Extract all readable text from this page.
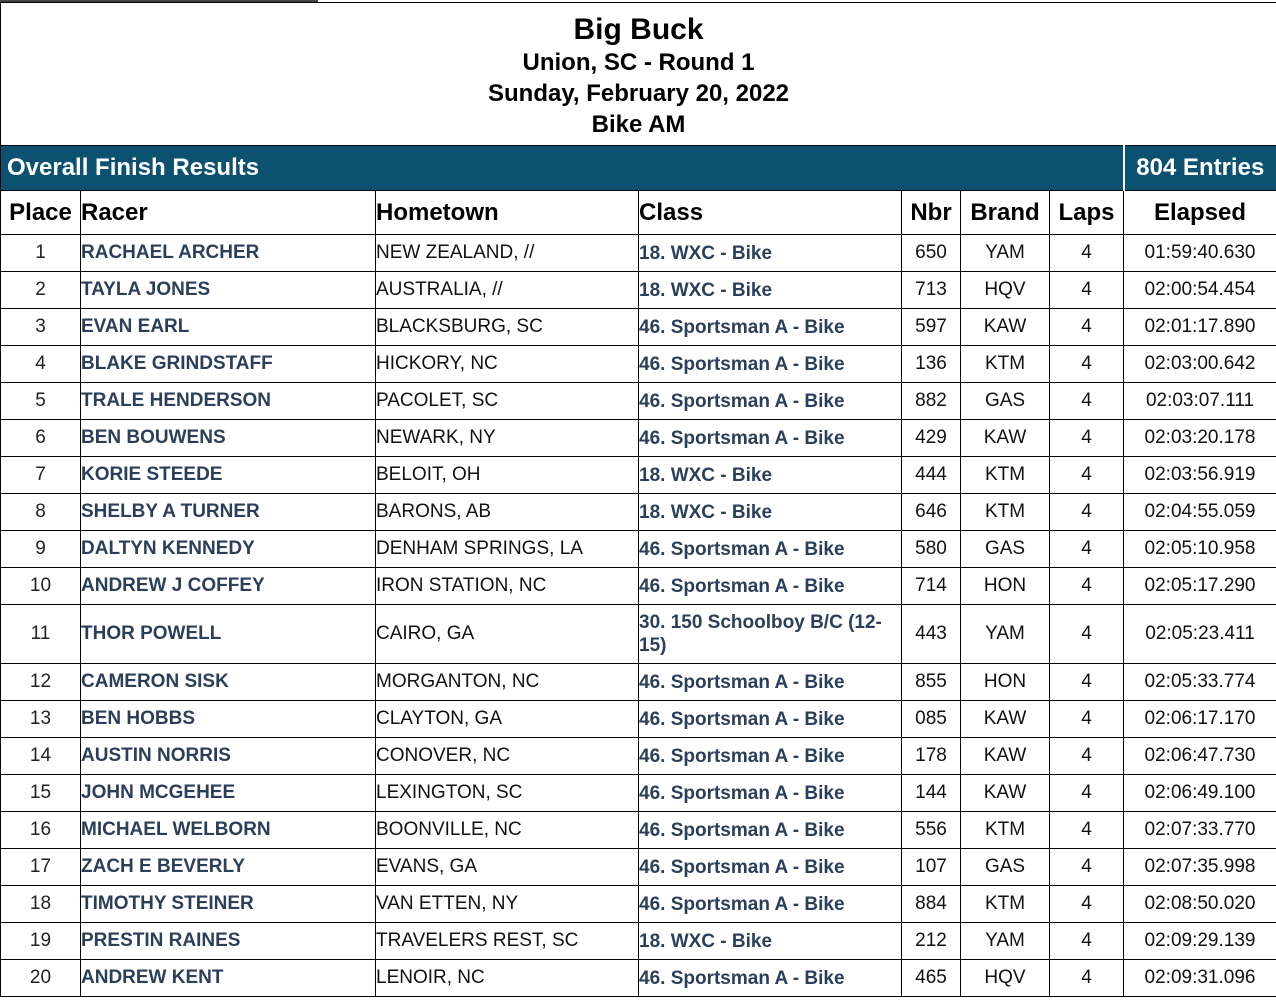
Big Buck
Union, SC - Round 1
Sunday, February 20, 2022
Bike AM							

Overall Finish Results							804 Entries
Place	Racer	Hometown	Class	Nbr	Brand	Laps	Elapsed
1	RACHAEL ARCHER	NEW ZEALAND, //	18. WXC - Bike	650	YAM	4	01:59:40.630
2	TAYLA JONES	AUSTRALIA, //	18. WXC - Bike	713	HQV	4	02:00:54.454
3	EVAN EARL	BLACKSBURG, SC	46. Sportsman A - Bike	597	KAW	4	02:01:17.890
4	BLAKE GRINDSTAFF	HICKORY, NC	46. Sportsman A - Bike	136	KTM	4	02:03:00.642
5	TRALE HENDERSON	PACOLET, SC	46. Sportsman A - Bike	882	GAS	4	02:03:07.111
6	BEN BOUWENS	NEWARK, NY	46. Sportsman A - Bike	429	KAW	4	02:03:20.178
7	KORIE STEEDE	BELOIT, OH	18. WXC - Bike	444	KTM	4	02:03:56.919
8	SHELBY A TURNER	BARONS, AB	18. WXC - Bike	646	KTM	4	02:04:55.059
9	DALTYN KENNEDY	DENHAM SPRINGS, LA	46. Sportsman A - Bike	580	GAS	4	02:05:10.958
10	ANDREW J COFFEY	IRON STATION, NC	46. Sportsman A - Bike	714	HON	4	02:05:17.290
11	THOR POWELL	CAIRO, GA	30. 150 Schoolboy B/C (12-15)	443	YAM	4	02:05:23.411
12	CAMERON SISK	MORGANTON, NC	46. Sportsman A - Bike	855	HON	4	02:05:33.774
13	BEN HOBBS	CLAYTON, GA	46. Sportsman A - Bike	085	KAW	4	02:06:17.170
14	AUSTIN NORRIS	CONOVER, NC	46. Sportsman A - Bike	178	KAW	4	02:06:47.730
15	JOHN MCGEHEE	LEXINGTON, SC	46. Sportsman A - Bike	144	KAW	4	02:06:49.100
16	MICHAEL WELBORN	BOONVILLE, NC	46. Sportsman A - Bike	556	KTM	4	02:07:33.770
17	ZACH E BEVERLY	EVANS, GA	46. Sportsman A - Bike	107	GAS	4	02:07:35.998
18	TIMOTHY STEINER	VAN ETTEN, NY	46. Sportsman A - Bike	884	KTM	4	02:08:50.020
19	PRESTIN RAINES	TRAVELERS REST, SC	18. WXC - Bike	212	YAM	4	02:09:29.139
20	ANDREW KENT	LENOIR, NC	46. Sportsman A - Bike	465	HQV	4	02:09:31.096
